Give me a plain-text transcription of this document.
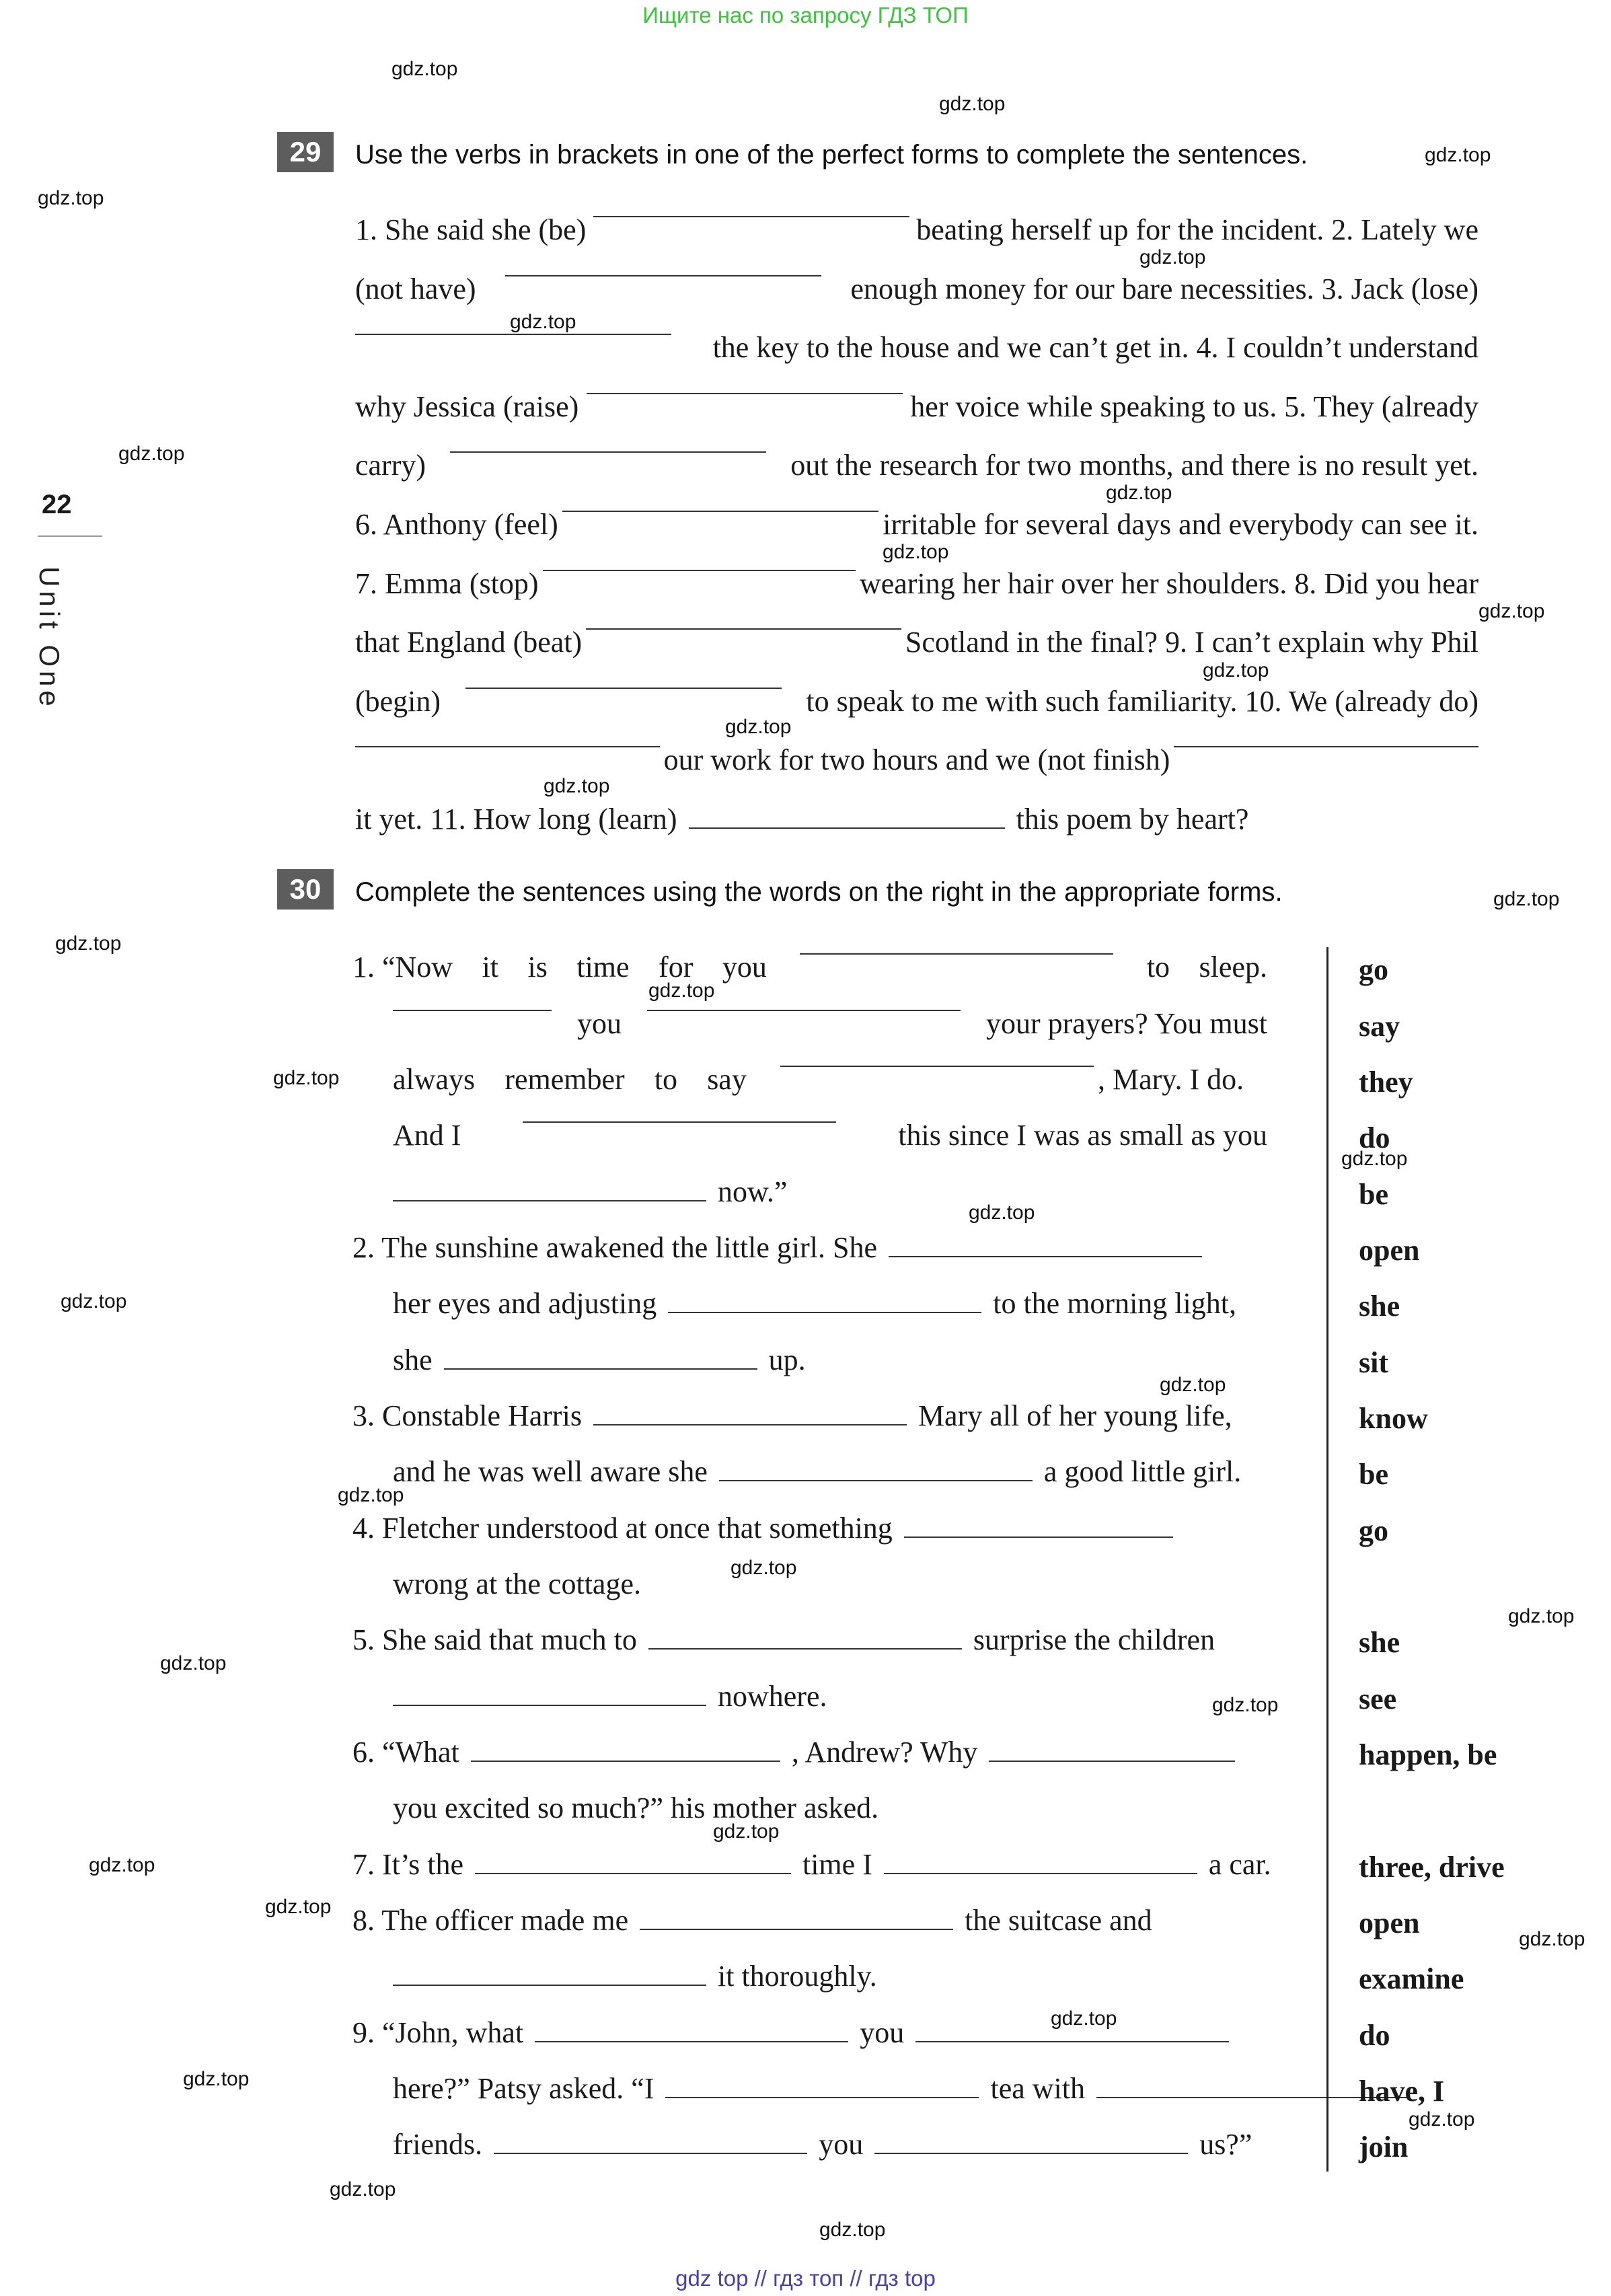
Ищите нас по запросу ГДЗ ТОП
gdz.top
gdz.top
gdz.top
gdz.top
gdz.top
gdz.top
gdz.top
gdz.top
gdz.top
gdz.top
gdz.top
gdz.top
gdz.top
gdz.top
gdz.top
gdz.top
gdz.top
gdz.top
gdz.top
gdz.top
gdz.top
gdz.top
gdz.top
gdz.top
gdz.top
gdz.top
gdz.top
gdz.top
gdz.top
gdz.top
gdz.top
gdz.top
gdz.top
gdz.top
gdz.top
22
Unit One
29	Use the verbs in brackets in one of the perfect forms to complete the sentences.
1. She said she (be)	beating herself up for the incident. 2. Lately we
(not have)	enough money for our bare necessities. 3. Jack (lose)
the key to the house and we can’t get in. 4. I couldn’t understand
why Jessica (raise)	her voice while speaking to us. 5. They (already
carry)	out the research for two months, and there is no result yet.
6. Anthony (feel)	irritable for several days and everybody can see it.
7. Emma (stop)	wearing her hair over her shoulders. 8. Did you hear
that England (beat)	Scotland in the final? 9. I can’t explain why Phil
(begin)	to speak to me with such familiarity. 10. We (already do)
our work for two hours and we (not finish)
it yet. 11. How long (learn)	this poem by heart?
30	Complete the sentences using the words on the right in the appropriate forms.
1. “Now it is time for you	to sleep.
you	your prayers? You must
always remember to say	, Mary. I do.
And I	this since I was as small as you
now.”
2. The sunshine awakened the little girl. She
her eyes and adjusting	to the morning light,
she	up.
3. Constable Harris	Mary all of her young life,
and he was well aware she	a good little girl.
4. Fletcher understood at once that something
wrong at the cottage.
5. She said that much to	surprise the children
nowhere.
6. “What	, Andrew? Why
you excited so much?” his mother asked.
7. It’s the	time I	a car.
8. The officer made me	the suitcase and
it thoroughly.
9. “John, what	you
here?” Patsy asked. “I	tea with
friends.	you	us?”
go
say
they
do
be
open
she
sit
know
be
go
she
see
happen, be
three, drive
open
examine
do
have, I
join
gdz top // гдз топ // гдз top
